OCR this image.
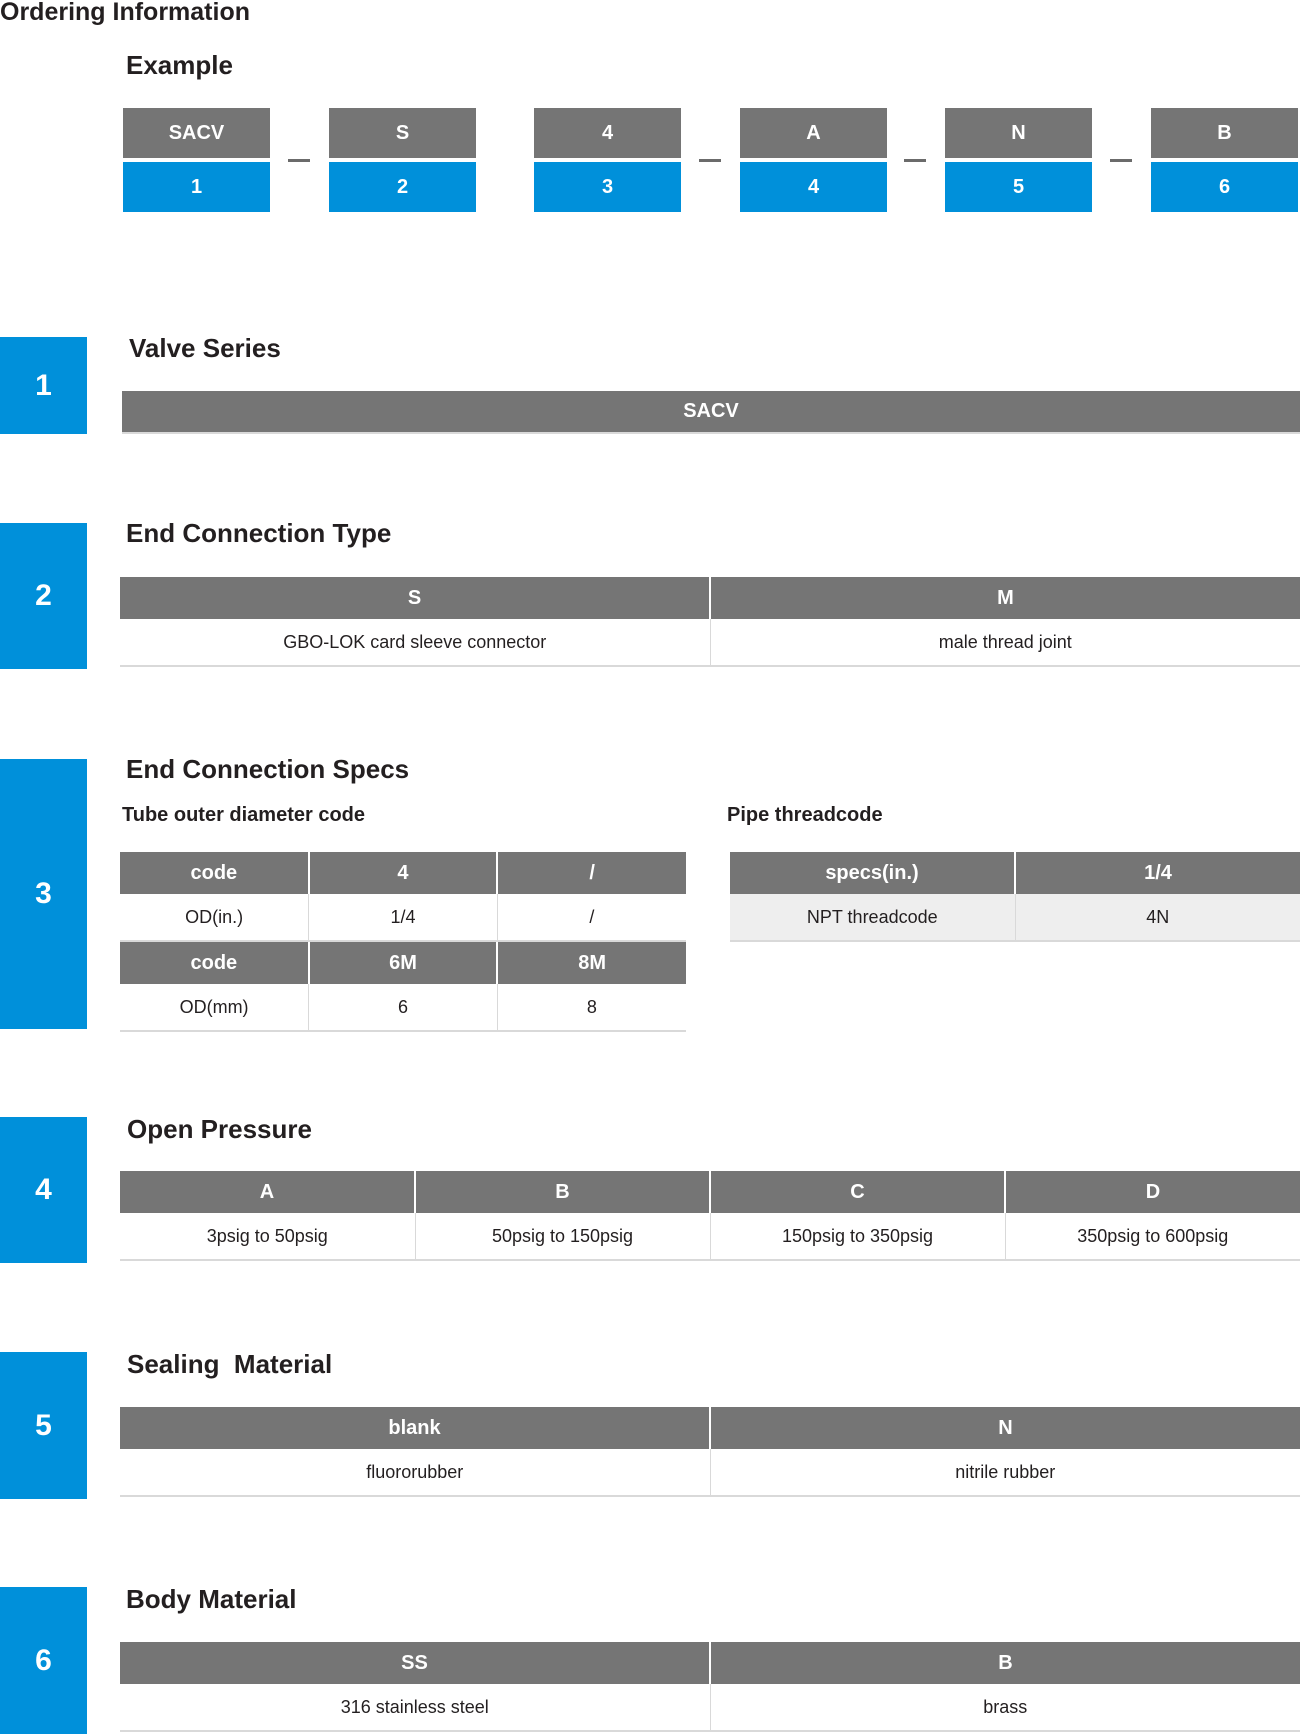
Ordering Information
Example
SACV
1
S
2
4
3
A
4
N
5
B
6
1
Valve Series
SACV
2
End Connection Type
S	M
GBO-LOK card sleeve connector	male thread joint
3
End Connection Specs
Tube outer diameter code	Pipe threadcode
code	4	/
OD(in.)	1/4	/
code	6M	8M
OD(mm)	6	8
specs(in.)	1/4
NPT threadcode	4N
4
Open Pressure
A	B	C	D
3psig to 50psig	50psig to 150psig	150psig to 350psig	350psig to 600psig
5
Sealing  Material
blank	N
fluororubber	nitrile rubber
6
Body Material
SS	B
316 stainless steel	brass
